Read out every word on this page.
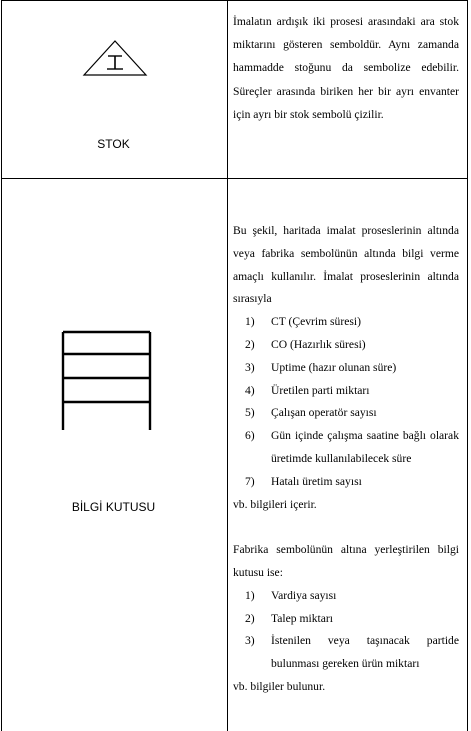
STOK

İmalatın ardışık iki prosesi arasındaki ara stok miktarını gösteren semboldür. Aynı zamanda hammadde stoğunu da sembolize edebilir. Süreçler arasında biriken her bir ayrı envanter için ayrı bir stok sembolü çizilir.

BİLGİ KUTUSU

Bu şekil, haritada imalat proseslerinin altında veya fabrika sembolünün altında bilgi verme amaçlı kullanılır. İmalat proseslerinin altında sırasıyla

1) CT (Çevrim süresi)
2) CO (Hazırlık süresi)
3) Uptime (hazır olunan süre)
4) Üretilen parti miktarı
5) Çalışan operatör sayısı
6) Gün içinde çalışma saatine bağlı olarak üretimde kullanılabilecek süre
7) Hatalı üretim sayısı

vb. bilgileri içerir.

Fabrika sembolünün altına yerleştirilen bilgi kutusu ise:

1) Vardiya sayısı
2) Talep miktarı
3) İstenilen veya taşınacak partide bulunması gereken ürün miktarı

vb. bilgiler bulunur.
